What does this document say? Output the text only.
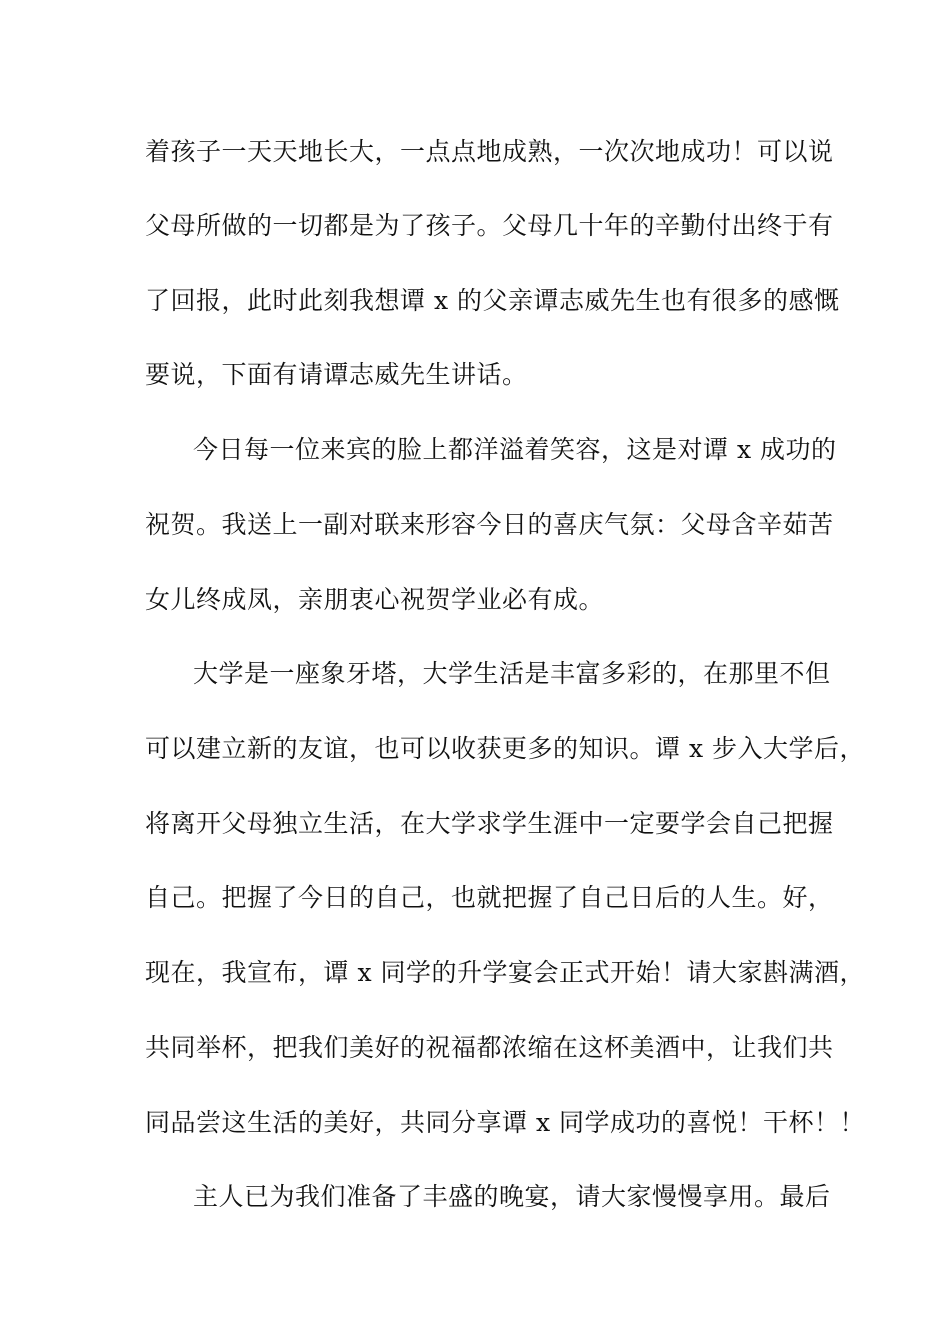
着孩子一天天地长大，一点点地成熟，一次次地成功！可以说
父母所做的一切都是为了孩子。父母几十年的辛勤付出终于有
了回报，此时此刻我想谭 x 的父亲谭志威先生也有很多的感慨
要说，下面有请谭志威先生讲话。
今日每一位来宾的脸上都洋溢着笑容，这是对谭 x 成功的
祝贺。我送上一副对联来形容今日的喜庆气氛：父母含辛茹苦
女儿终成凤，亲朋衷心祝贺学业必有成。
大学是一座象牙塔，大学生活是丰富多彩的，在那里不但
可以建立新的友谊，也可以收获更多的知识。谭 x 步入大学后，
将离开父母独立生活，在大学求学生涯中一定要学会自己把握
自己。把握了今日的自己，也就把握了自己日后的人生。好，
现在，我宣布，谭 x 同学的升学宴会正式开始！请大家斟满酒，
共同举杯，把我们美好的祝福都浓缩在这杯美酒中，让我们共
同品尝这生活的美好，共同分享谭 x 同学成功的喜悦！干杯！！
主人已为我们准备了丰盛的晚宴，请大家慢慢享用。最后
